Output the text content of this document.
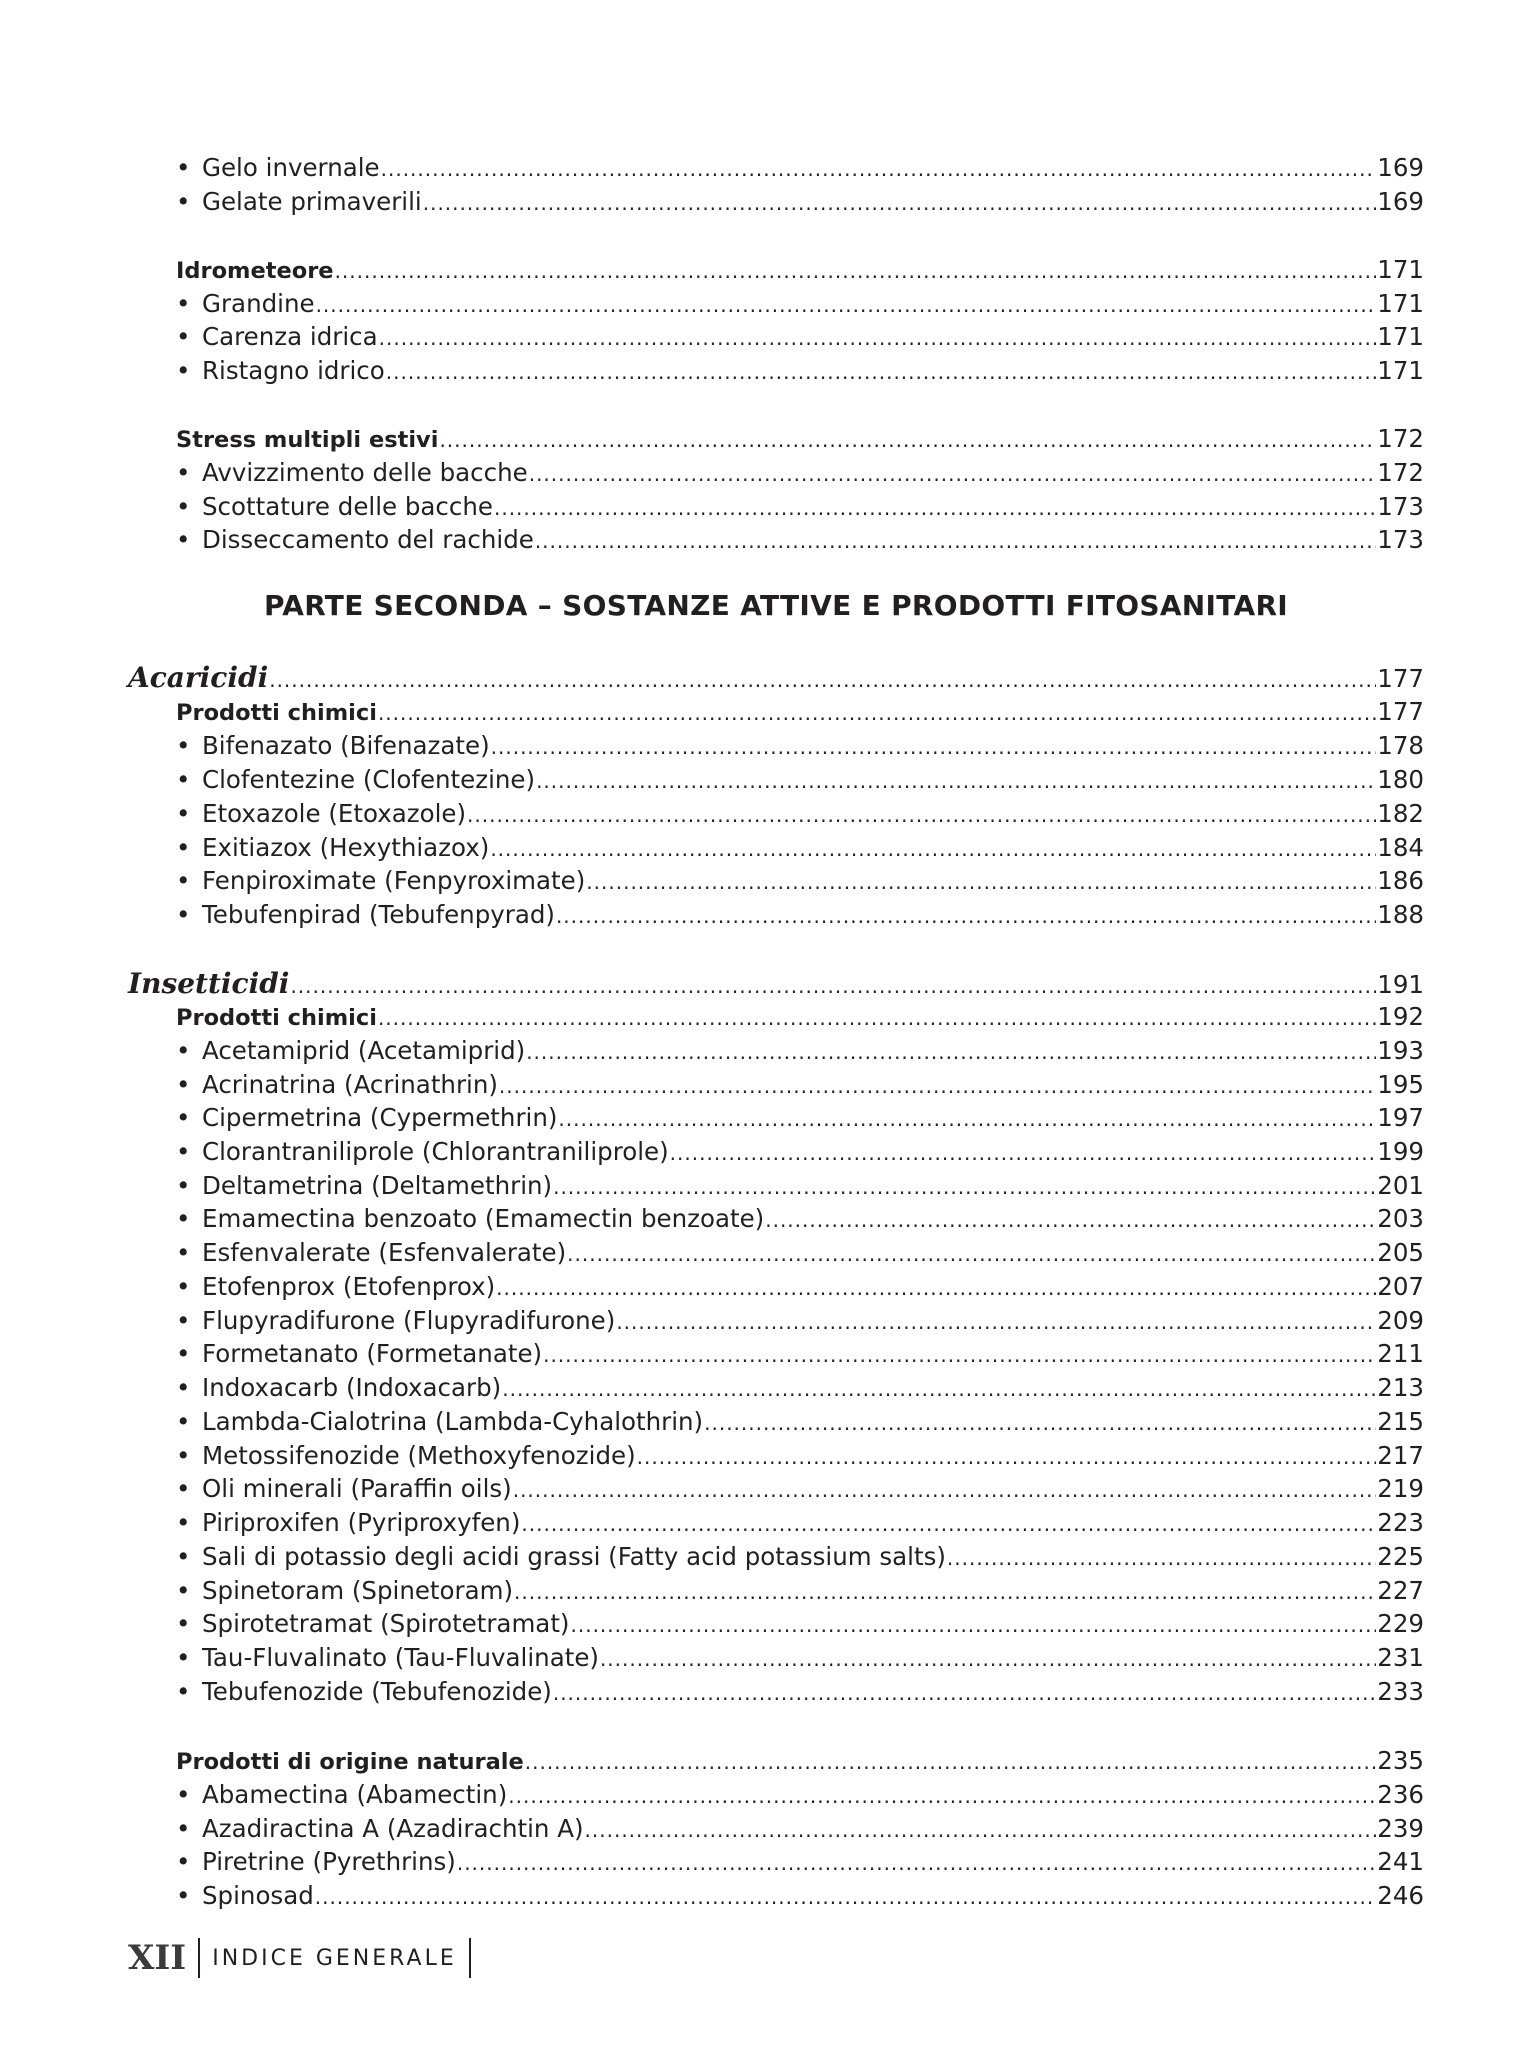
• Gelo invernale .....	169
• Gelate primaverili .....	169
Idrometeore .....	171
• Grandine .....	171
• Carenza idrica .....	171
• Ristagno idrico .....	171
Stress multipli estivi .....	172
• Avvizzimento delle bacche .....	172
• Scottature delle bacche .....	173
• Disseccamento del rachide .....	173
PARTE SECONDA – SOSTANZE ATTIVE E PRODOTTI FITOSANITARI
Acaricidi .....	177
Prodotti chimici .....	177
• Bifenazato (Bifenazate) .....	178
• Clofentezine (Clofentezine) .....	180
• Etoxazole (Etoxazole) .....	182
• Exitiazox (Hexythiazox) .....	184
• Fenpiroximate (Fenpyroximate) .....	186
• Tebufenpirad (Tebufenpyrad) .....	188
Insetticidi .....	191
Prodotti chimici .....	192
• Acetamiprid (Acetamiprid) .....	193
• Acrinatrina (Acrinathrin) .....	195
• Cipermetrina (Cypermethrin) .....	197
• Clorantraniliprole (Chlorantraniliprole) .....	199
• Deltametrina (Deltamethrin) .....	201
• Emamectina benzoato (Emamectin benzoate) .....	203
• Esfenvalerate (Esfenvalerate) .....	205
• Etofenprox (Etofenprox) .....	207
• Flupyradifurone (Flupyradifurone) .....	209
• Formetanato (Formetanate) .....	211
• Indoxacarb (Indoxacarb) .....	213
• Lambda-Cialotrina (Lambda-Cyhalothrin) .....	215
• Metossifenozide (Methoxyfenozide) .....	217
• Oli minerali (Paraffin oils) .....	219
• Piriproxifen (Pyriproxyfen) .....	223
• Sali di potassio degli acidi grassi (Fatty acid potassium salts) .....	225
• Spinetoram (Spinetoram) .....	227
• Spirotetramat (Spirotetramat) .....	229
• Tau-Fluvalinato (Tau-Fluvalinate) .....	231
• Tebufenozide (Tebufenozide) .....	233
Prodotti di origine naturale .....	235
• Abamectina (Abamectin) .....	236
• Azadiractina A (Azadirachtin A) .....	239
• Piretrine (Pyrethrins) .....	241
• Spinosad .....	246
XII INDICE GENERALE
